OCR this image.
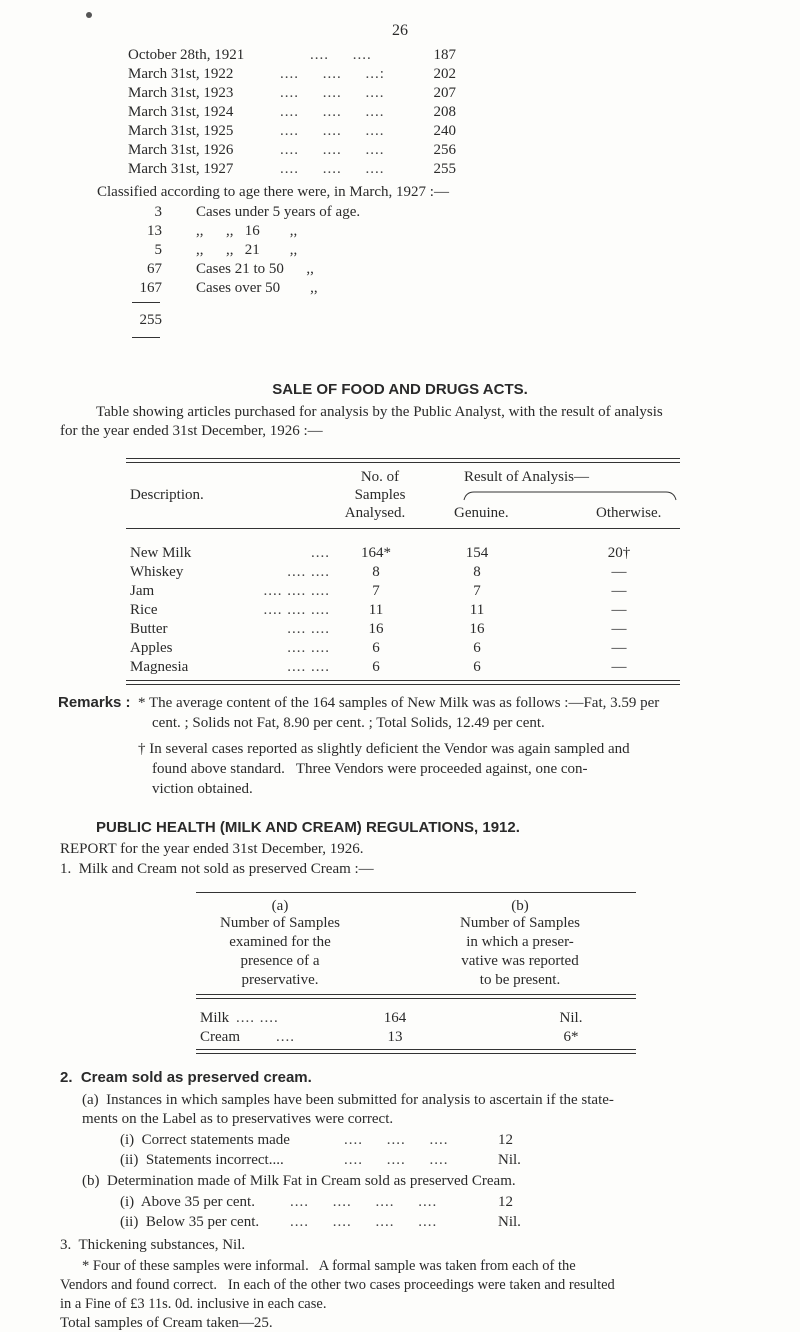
26
October 28th, 1921	....     ....	187
March 31st, 1922	....     ....     ...:	202
March 31st, 1923	....     ....     ....	207
March 31st, 1924	....     ....     ....	208
March 31st, 1925	....     ....     ....	240
March 31st, 1926	....     ....     ....	256
March 31st, 1927	....     ....     ....	255
Classified according to age there were, in March, 1927 :—
3 Cases under 5 years of age.
13 ,,      ,,   16        ,,
5 ,,      ,,   21        ,,
67 Cases 21 to 50      ,,
167 Cases over 50        ,,
255
SALE OF FOOD AND DRUGS ACTS.
Table showing articles purchased for analysis by the Public Analyst, with the result of analysis
for the year ended 31st December, 1926 :—
Description.
No. of
Samples
Analysed.
Result of Analysis—
Genuine.	Otherwise.
New Milk	....	164*	154	20†
Whiskey	.... ....	8	8	—
Jam	.... .... ....	7	7	—
Rice	.... .... ....	11	11	—
Butter	.... ....	16	16	—
Apples	.... ....	6	6	—
Magnesia	.... ....	6	6	—
Remarks : * The average content of the 164 samples of New Milk was as follows :—Fat, 3.59 per
cent. ; Solids not Fat, 8.90 per cent. ; Total Solids, 12.49 per cent.
† In several cases reported as slightly deficient the Vendor was again sampled and
found above standard.   Three Vendors were proceeded against, one con-
viction obtained.
PUBLIC HEALTH (MILK AND CREAM) REGULATIONS, 1912.
REPORT for the year ended 31st December, 1926.
1.  Milk and Cream not sold as preserved Cream :—
(a)
Number of Samples
examined for the
presence of a
preservative.
(b)
Number of Samples
in which a preser-
vative was reported
to be present.
Milk .... ....	164	Nil.
Cream ....	13	6*
2.  Cream sold as preserved cream.
(a)  Instances in which samples have been submitted for analysis to ascertain if the state-
ments on the Label as to preservatives were correct.
(i)  Correct statements made	....     ....     ....	12
(ii)  Statements incorrect....	....     ....     ....	Nil.
(b)  Determination made of Milk Fat in Cream sold as preserved Cream.
(i)  Above 35 per cent. ....     ....     ....     ....	12
(ii)  Below 35 per cent. ....     ....     ....     ....	Nil.
3.  Thickening substances, Nil.
* Four of these samples were informal.   A formal sample was taken from each of the
Vendors and found correct.   In each of the other two cases proceedings were taken and resulted
in a Fine of £3 11s. 0d. inclusive in each case.
Total samples of Cream taken—25.
